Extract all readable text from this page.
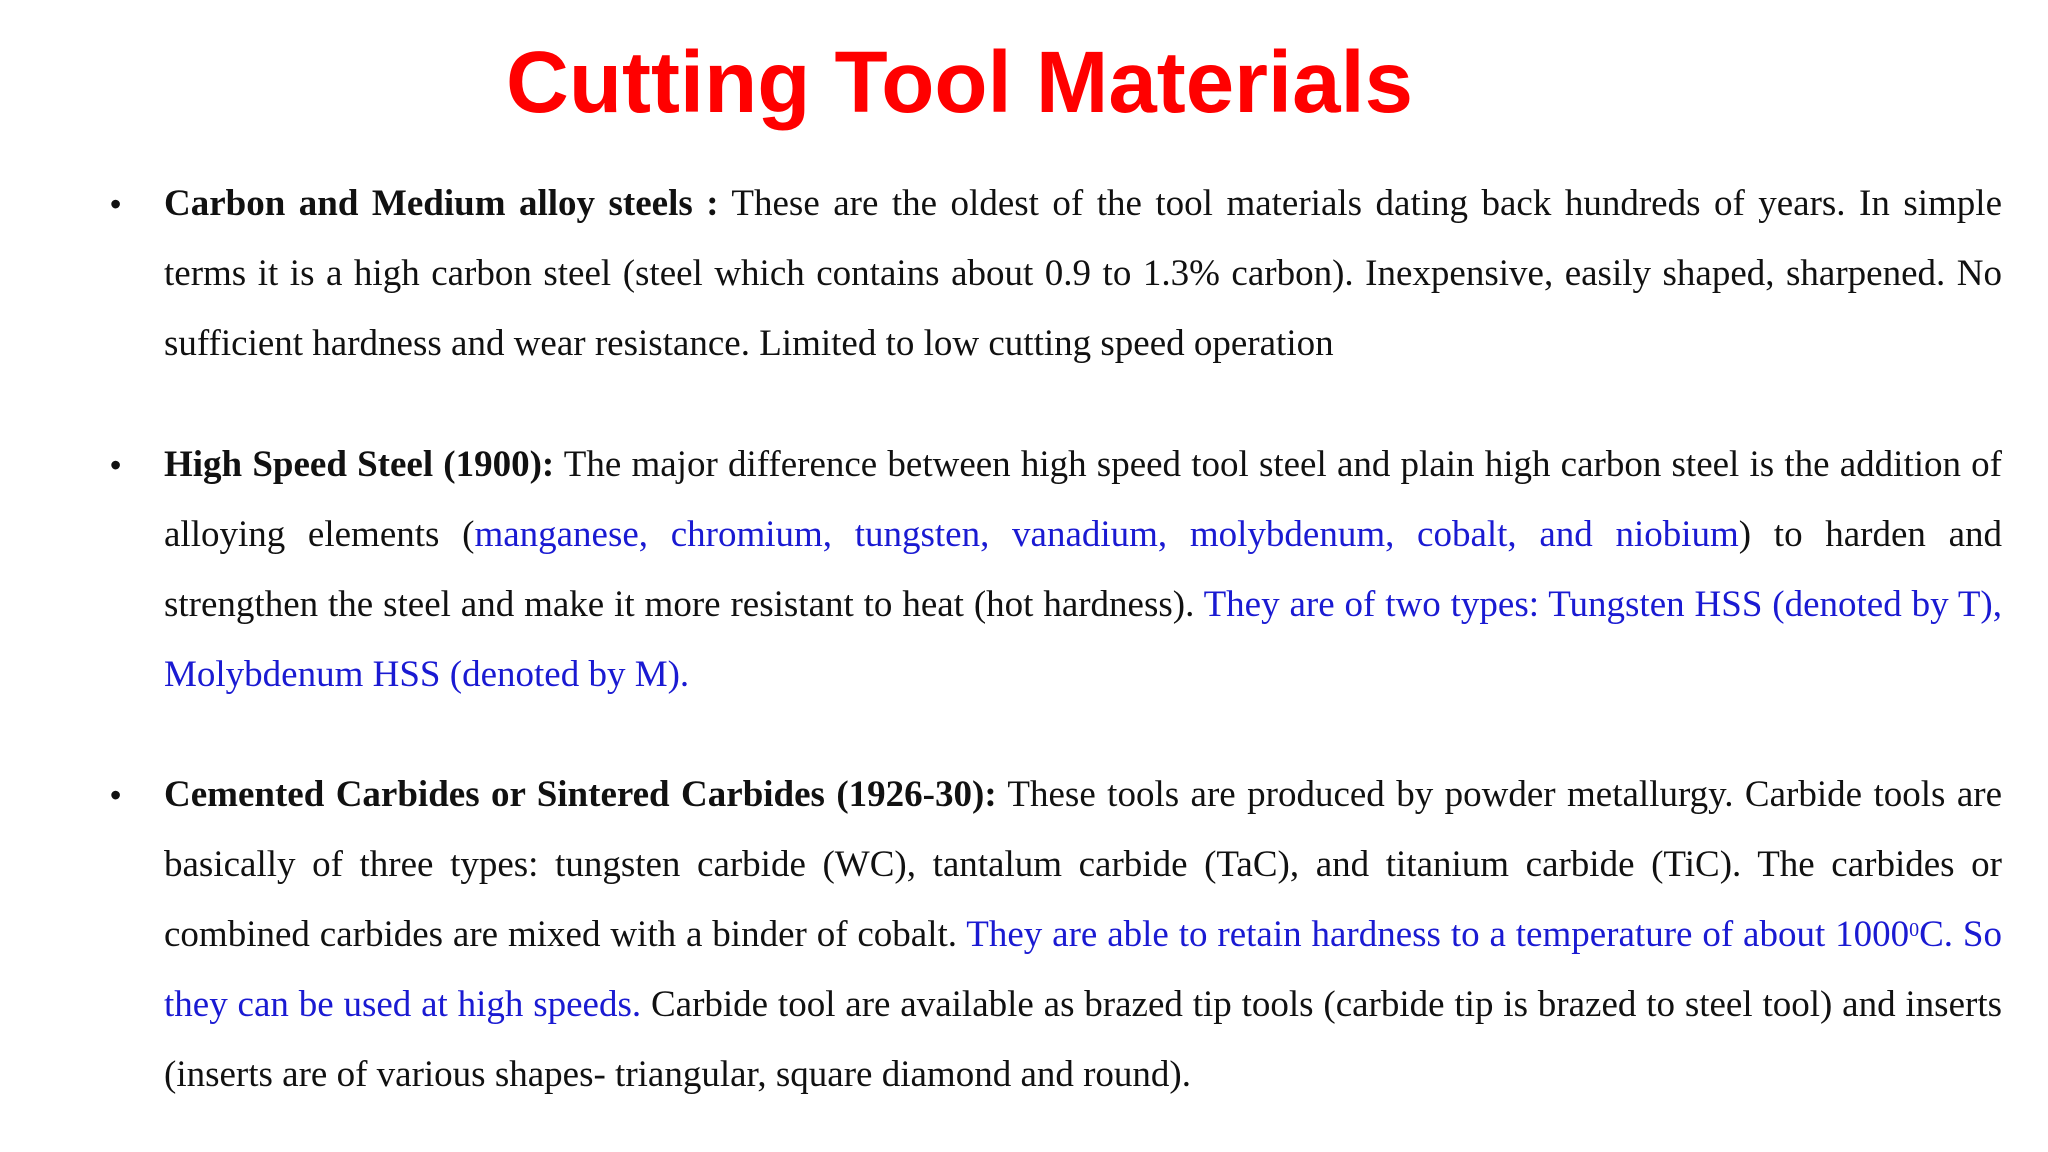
Cutting Tool Materials
• Carbon and Medium alloy steels : These are the oldest of the tool materials dating back hundreds of years. In simple terms it is a high carbon steel (steel which contains about 0.9 to 1.3% carbon). Inexpensive, easily shaped, sharpened. No sufficient hardness and wear resistance. Limited to low cutting speed operation
• High Speed Steel (1900): The major difference between high speed tool steel and plain high carbon steel is the addition of alloying elements (manganese, chromium, tungsten, vanadium, molybdenum, cobalt, and niobium) to harden and strengthen the steel and make it more resistant to heat (hot hardness). They are of two types: Tungsten HSS (denoted by T), Molybdenum HSS (denoted by M).
• Cemented Carbides or Sintered Carbides (1926-30): These tools are produced by powder metallurgy. Carbide tools are basically of three types: tungsten carbide (WC), tantalum carbide (TaC), and titanium carbide (TiC). The carbides or combined carbides are mixed with a binder of cobalt. They are able to retain hardness to a temperature of about 1000$^0$C. So they can be used at high speeds. Carbide tool are available as brazed tip tools (carbide tip is brazed to steel tool) and inserts (inserts are of various shapes- triangular, square diamond and round).
